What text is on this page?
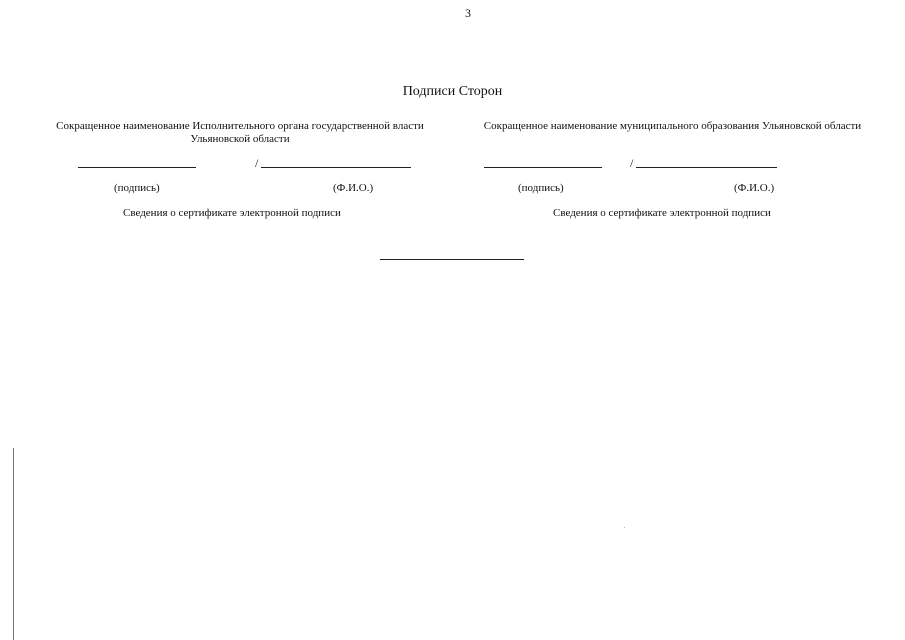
3
Подписи Сторон
Сокращенное наименование Исполнительного органа государственной власти Ульяновской области
/
(подпись)	(Ф.И.О.)
Сведения о сертификате электронной подписи
Сокращенное наименование муниципального образования Ульяновской области
/
(подпись)	(Ф.И.О.)
Сведения о сертификате электронной подписи
